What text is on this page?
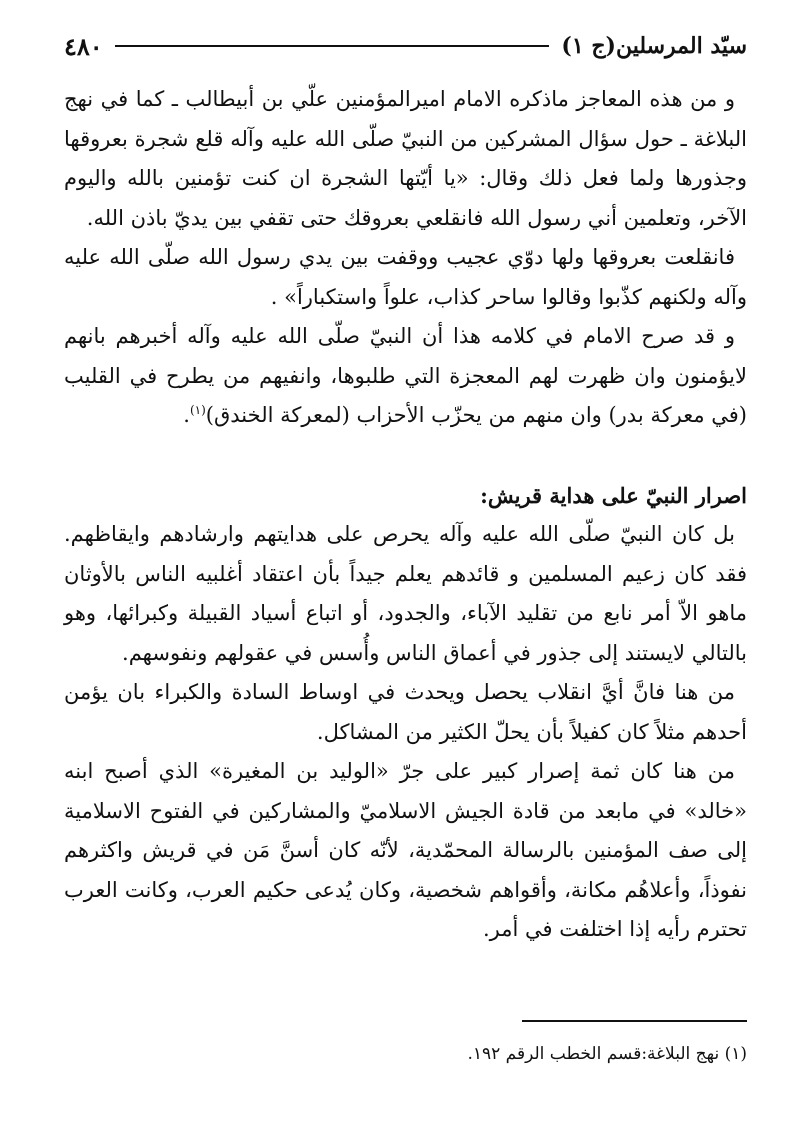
سيّد المرسلين(ج ١)
٤٨٠

و من هذه المعاجز ماذكره الامام اميرالمؤمنين علّي بن أبيطالب ـ كما في نهج البلاغة ـ حول سؤال المشركين من النبيّ صلّى الله عليه وآله قلع شجرة بعروقها وجذورها ولما فعل ذلك وقال: «يا أيّتها الشجرة ان كنت تؤمنين بالله واليوم الآخر، وتعلمين أني رسول الله فانقلعي بعروقك حتى تقفي بين يديّ باذن الله.

فانقلعت بعروقها ولها دوّي عجيب ووقفت بين يدي رسول الله صلّى الله عليه وآله ولكنهم كذّبوا وقالوا ساحر كذاب، علواً واستكباراً» .

و قد صرح الامام في كلامه هذا أن النبيّ صلّى الله عليه وآله أخبرهم بانهم لايؤمنون وان ظهرت لهم المعجزة التي طلبوها، وانفيهم من يطرح في القليب (في معركة بدر) وان منهم من يحزّب الأحزاب (لمعركة الخندق)$^{(١)}$.

اصرار النبيّ على هداية قريش:

بل كان النبيّ صلّى الله عليه وآله يحرص على هدايتهم وارشادهم وايقاظهم. فقد كان زعيم المسلمين و قائدهم يعلم جيداً بأن اعتقاد أغلبيه الناس بالأوثان ماهو الاّ أمر نابع من تقليد الآباء، والجدود، أو اتباع أسياد القبيلة وكبرائها، وهو بالتالي لايستند إلى جذور في أعماق الناس وأُسس في عقولهم ونفوسهم.

من هنا فانَّ أيَّ انقلاب يحصل ويحدث في اوساط السادة والكبراء بان يؤمن أحدهم مثلاً كان كفيلاً بأن يحلّ الكثير من المشاكل.

من هنا كان ثمة إصرار كبير على جرّ «الوليد بن المغيرة» الذي أصبح ابنه «خالد» في مابعد من قادة الجيش الاسلاميّ والمشاركين في الفتوح الاسلامية إلى صف المؤمنين بالرسالة المحمّدية، لأنّه كان أسنَّ مَن في قريش واكثرهم نفوذاً، وأعلاهُم مكانة، وأقواهم شخصية، وكان يُدعى حكيم العرب، وكانت العرب تحترم رأيه إذا اختلفت في أمر.

(١) نهج البلاغة:قسم الخطب الرقم ١٩٢.
